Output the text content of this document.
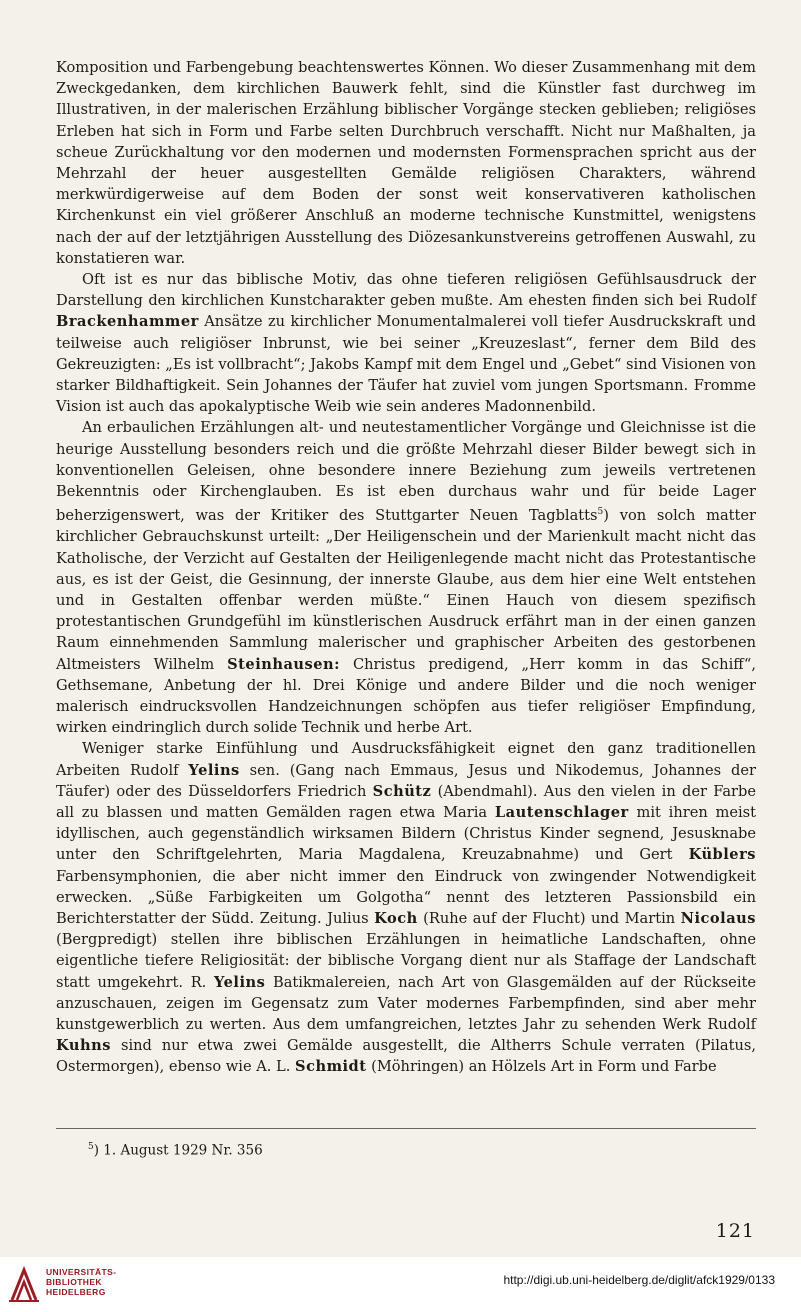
Komposition und Farbengebung beachtenswertes Können. Wo dieser Zusammenhang mit dem Zweckgedanken, dem kirchlichen Bauwerk fehlt, sind die Künstler fast durchweg im Illustrativen, in der malerischen Erzählung biblischer Vorgänge stecken geblieben; religiöses Erleben hat sich in Form und Farbe selten Durchbruch verschafft. Nicht nur Maßhalten, ja scheue Zurückhaltung vor den modernen und modernsten Formensprachen spricht aus der Mehrzahl der heuer ausgestellten Gemälde religiösen Charakters, während merkwürdigerweise auf dem Boden der sonst weit konservativeren katholischen Kirchenkunst ein viel größerer Anschluß an moderne technische Kunstmittel, wenigstens nach der auf der letztjährigen Ausstellung des Diözesankunstvereins getroffenen Auswahl, zu konstatieren war.

Oft ist es nur das biblische Motiv, das ohne tieferen religiösen Gefühlsausdruck der Darstellung den kirchlichen Kunstcharakter geben mußte. Am ehesten finden sich bei Rudolf Brackenhammer Ansätze zu kirchlicher Monumentalmalerei voll tiefer Ausdruckskraft und teilweise auch religiöser Inbrunst, wie bei seiner „Kreuzeslast“, ferner dem Bild des Gekreuzigten: „Es ist vollbracht“; Jakobs Kampf mit dem Engel und „Gebet“ sind Visionen von starker Bildhaftigkeit. Sein Johannes der Täufer hat zuviel vom jungen Sportsmann. Fromme Vision ist auch das apokalyptische Weib wie sein anderes Madonnenbild.

An erbaulichen Erzählungen alt- und neutestamentlicher Vorgänge und Gleichnisse ist die heurige Ausstellung besonders reich und die größte Mehrzahl dieser Bilder bewegt sich in konventionellen Geleisen, ohne besondere innere Beziehung zum jeweils vertretenen Bekenntnis oder Kirchenglauben. Es ist eben durchaus wahr und für beide Lager beherzigenswert, was der Kritiker des Stuttgarter Neuen Tagblatts$^5$) von solch matter kirchlicher Gebrauchskunst urteilt: „Der Heiligenschein und der Marienkult macht nicht das Katholische, der Verzicht auf Gestalten der Heiligenlegende macht nicht das Protestantische aus, es ist der Geist, die Gesinnung, der innerste Glaube, aus dem hier eine Welt entstehen und in Gestalten offenbar werden müßte.“ Einen Hauch von diesem spezifisch protestantischen Grundgefühl im künstlerischen Ausdruck erfährt man in der einen ganzen Raum einnehmenden Sammlung malerischer und graphischer Arbeiten des gestorbenen Altmeisters Wilhelm Steinhausen: Christus predigend, „Herr komm in das Schiff“, Gethsemane, Anbetung der hl. Drei Könige und andere Bilder und die noch weniger malerisch eindrucksvollen Handzeichnungen schöpfen aus tiefer religiöser Empfindung, wirken eindringlich durch solide Technik und herbe Art.

Weniger starke Einfühlung und Ausdrucksfähigkeit eignet den ganz traditionellen Arbeiten Rudolf Yelins sen. (Gang nach Emmaus, Jesus und Nikodemus, Johannes der Täufer) oder des Düsseldorfers Friedrich Schütz (Abendmahl). Aus den vielen in der Farbe all zu blassen und matten Gemälden ragen etwa Maria Lautenschlager mit ihren meist idyllischen, auch gegenständlich wirksamen Bildern (Christus Kinder segnend, Jesusknabe unter den Schriftgelehrten, Maria Magdalena, Kreuzabnahme) und Gert Küblers Farbensymphonien, die aber nicht immer den Eindruck von zwingender Notwendigkeit erwecken. „Süße Farbigkeiten um Golgotha“ nennt des letzteren Passionsbild ein Berichterstatter der Südd. Zeitung. Julius Koch (Ruhe auf der Flucht) und Martin Nicolaus (Bergpredigt) stellen ihre biblischen Erzählungen in heimatliche Landschaften, ohne eigentliche tiefere Religiosität: der biblische Vorgang dient nur als Staffage der Landschaft statt umgekehrt. R. Yelins Batikmalereien, nach Art von Glasgemälden auf der Rückseite anzuschauen, zeigen im Gegensatz zum Vater modernes Farbempfinden, sind aber mehr kunstgewerblich zu werten. Aus dem umfangreichen, letztes Jahr zu sehenden Werk Rudolf Kuhns sind nur etwa zwei Gemälde ausgestellt, die Altherrs Schule verraten (Pilatus, Ostermorgen), ebenso wie A. L. Schmidt (Möhringen) an Hölzels Art in Form und Farbe

$^5$) 1. August 1929 Nr. 356
121
UNIVERSITÄTS-
BIBLIOTHEK
HEIDELBERG
http://digi.ub.uni-heidelberg.de/diglit/afck1929/0133
